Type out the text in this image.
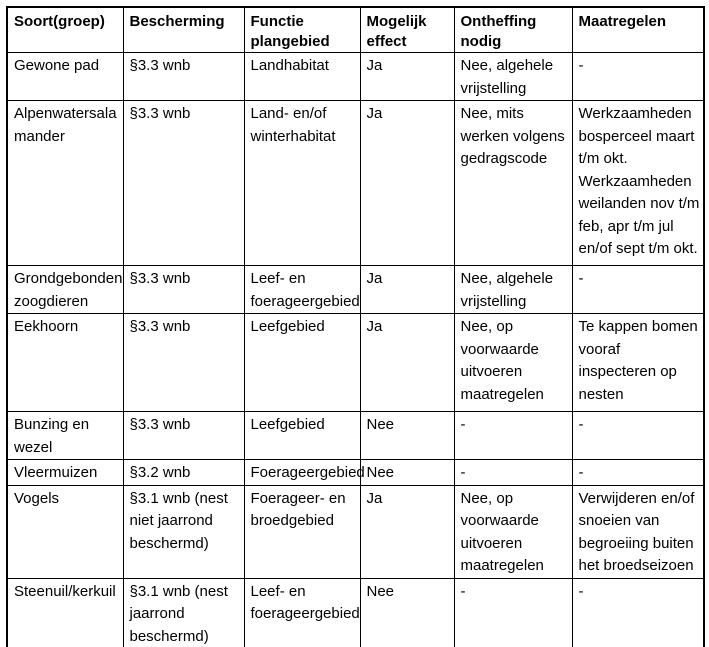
Soort(groep)	Bescherming	Functie plangebied	Mogelijk effect	Ontheffing nodig	Maatregelen
Gewone pad	§3.3 wnb	Landhabitat	Ja	Nee, algehele vrijstelling	-
Alpenwatersalamander	§3.3 wnb	Land- en/of winterhabitat	Ja	Nee, mits werken volgens gedragscode	Werkzaamheden bosperceel maart t/m okt. Werkzaamheden weilanden nov t/m feb, apr t/m jul en/of sept t/m okt.
Grondgebonden zoogdieren	§3.3 wnb	Leef- en foerageergebied	Ja	Nee, algehele vrijstelling	-
Eekhoorn	§3.3 wnb	Leefgebied	Ja	Nee, op voorwaarde uitvoeren maatregelen	Te kappen bomen vooraf inspecteren op nesten
Bunzing en wezel	§3.3 wnb	Leefgebied	Nee	-	-
Vleermuizen	§3.2 wnb	Foerageergebied	Nee	-	-
Vogels	§3.1 wnb (nest niet jaarrond beschermd)	Foerageer- en broedgebied	Ja	Nee, op voorwaarde uitvoeren maatregelen	Verwijderen en/of snoeien van begroeiing buiten het broedseizoen
Steenuil/kerkuil	§3.1 wnb (nest jaarrond beschermd)	Leef- en foerageergebied	Nee	-	-
